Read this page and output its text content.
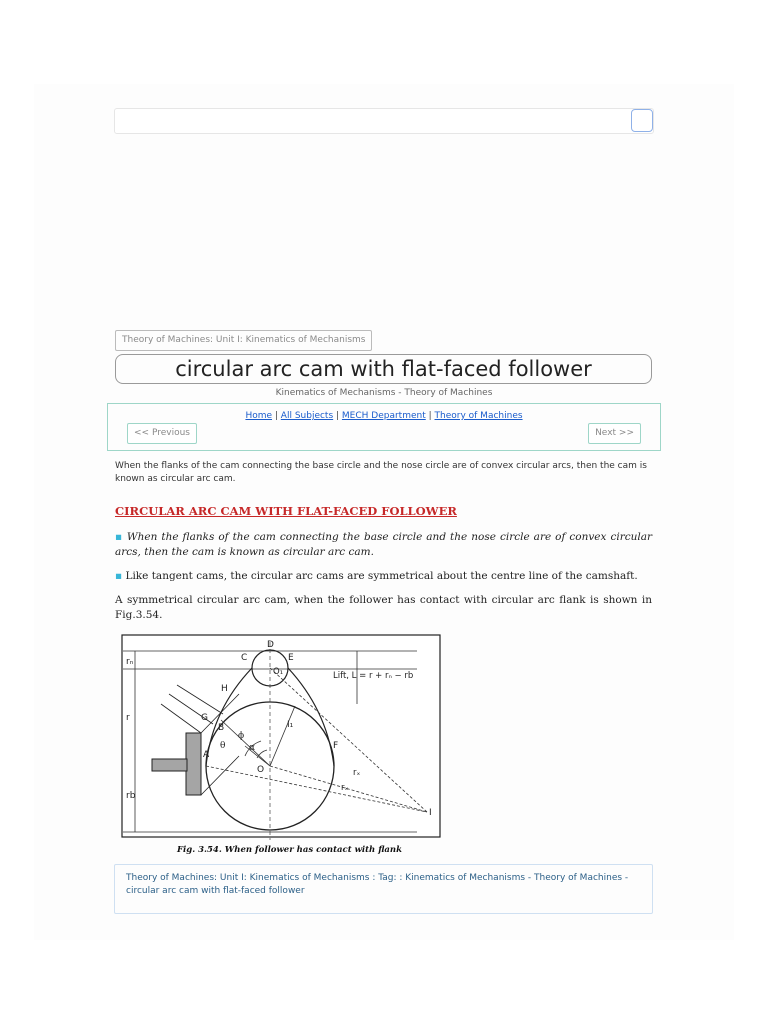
Theory of Machines: Unit I: Kinematics of Mechanisms
circular arc cam with flat-faced follower
Kinematics of Mechanisms - Theory of Machines
Home | All Subjects | MECH Department | Theory of Machines
<< Previous	Next >>
When the flanks of the cam connecting the base circle and the nose circle are of convex circular arcs, then the cam is known as circular arc cam.
CIRCULAR ARC CAM WITH FLAT-FACED FOLLOWER
▪ When the flanks of the cam connecting the base circle and the nose circle are of convex circular arcs, then the cam is known as circular arc cam.
▪ Like tangent cams, the circular arc cams are symmetrical about the centre line of the camshaft.
A symmetrical circular arc cam, when the follower has contact with circular arc flank is shown in Fig.3.54.
D
C	E
O₁
H
G
B
A
F
O
I
I₁
rₙ
r
rb
rₓ
rₓ
θ
ϕ
α
Lift, L = r + rₙ − rb
Fig. 3.54. When follower has contact with flank
Theory of Machines: Unit I: Kinematics of Mechanisms : Tag: : Kinematics of Mechanisms - Theory of Machines - circular arc cam with flat-faced follower
